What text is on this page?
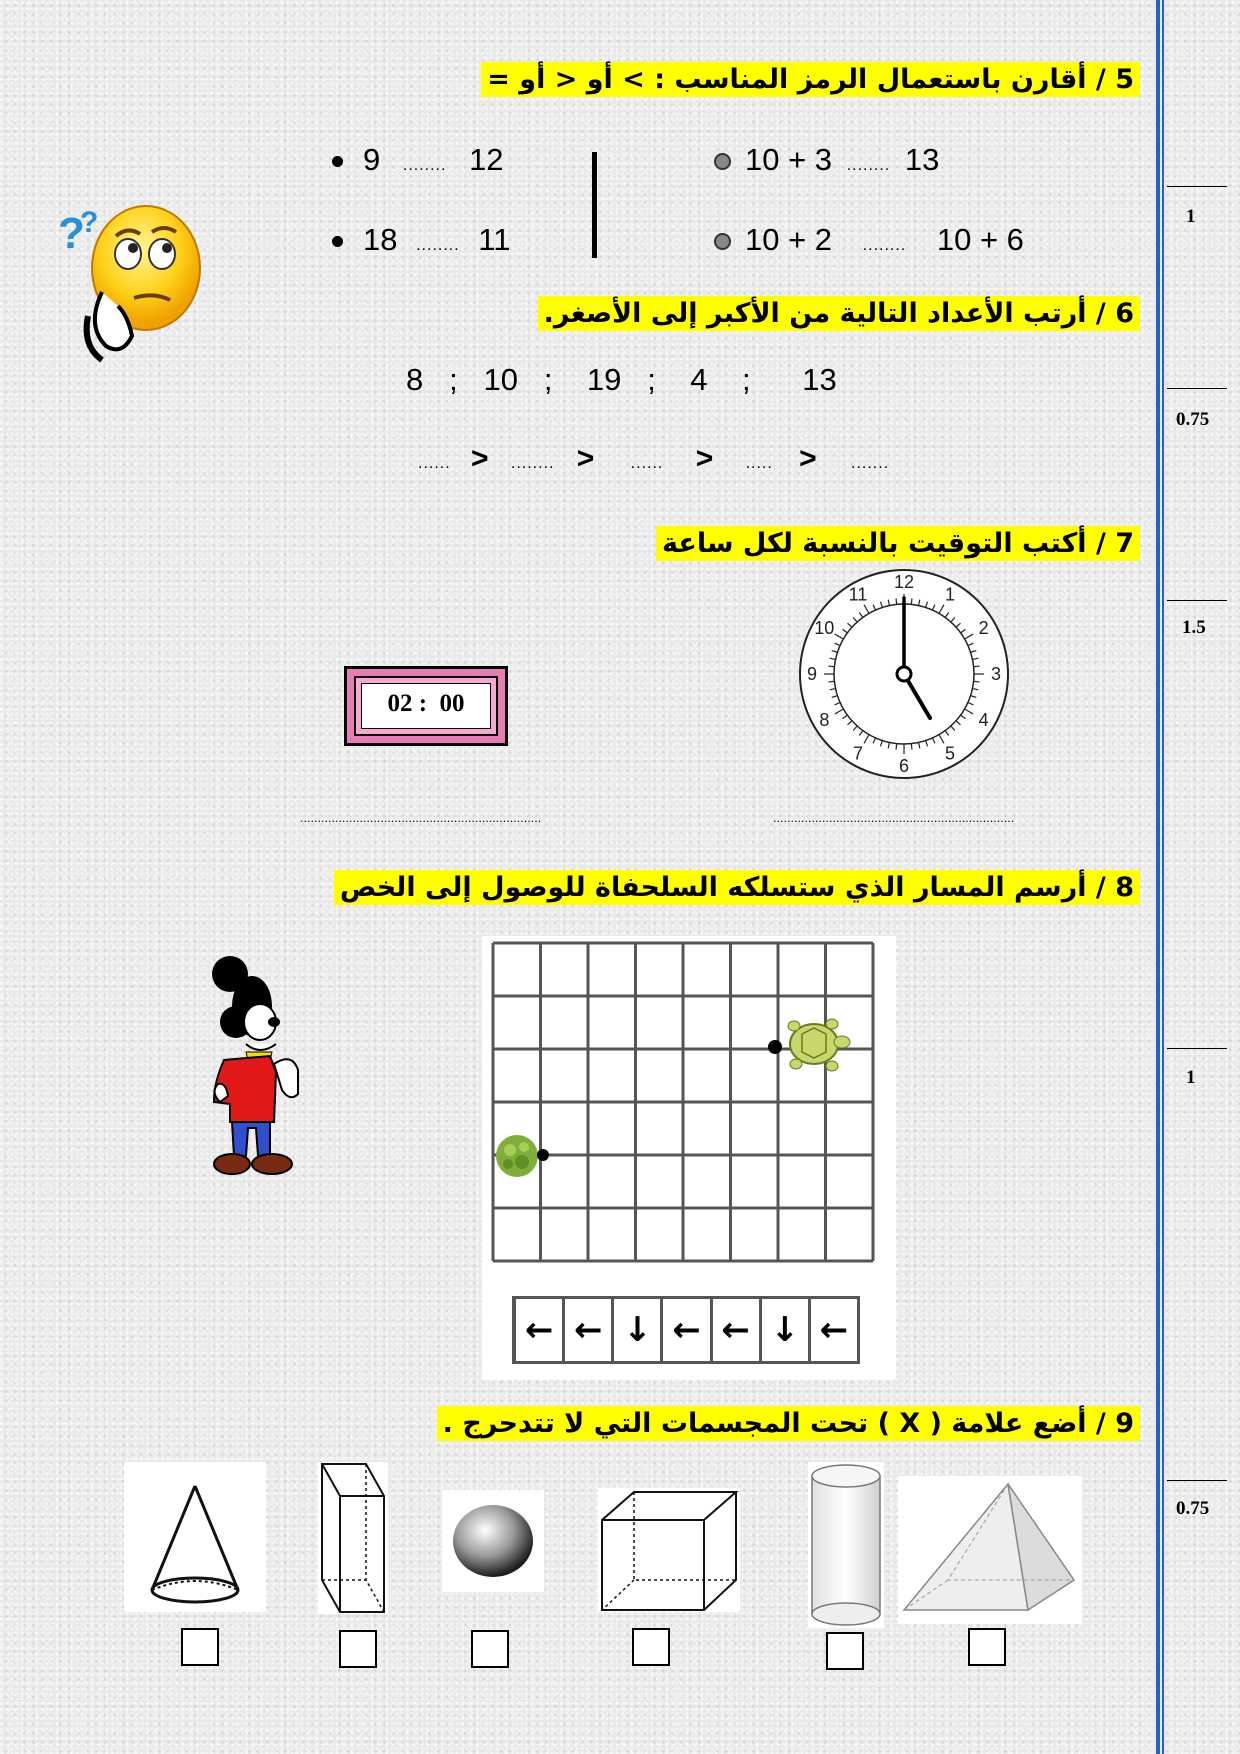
1
0.75
1.5
1
0.75
5 / أقارن باستعمال الرمز المناسب : > أو < أو =
9 ........ 12
18 ........ 11
10 + 3 ........ 13
10 + 2 ........ 10 + 6
?
?
6 / أرتب الأعداد التالية من الأكبر إلى الأصغر.
8   ;   10   ;    19   ;    4    ;      13
...... > ........ > ...... > ..... > .......
7 / أكتب التوقيت بالنسبة لكل ساعة
02 :  00
12
1
2
3
4
5
6
7
8
9
10
11
.....................................................................	.....................................................................
8 / أرسم المسار الذي ستسلكه السلحفاة للوصول إلى الخص
← ← ↓ ← ← ↓ ←
9 / أضع علامة ( X ) تحت المجسمات التي لا تتدحرج .
